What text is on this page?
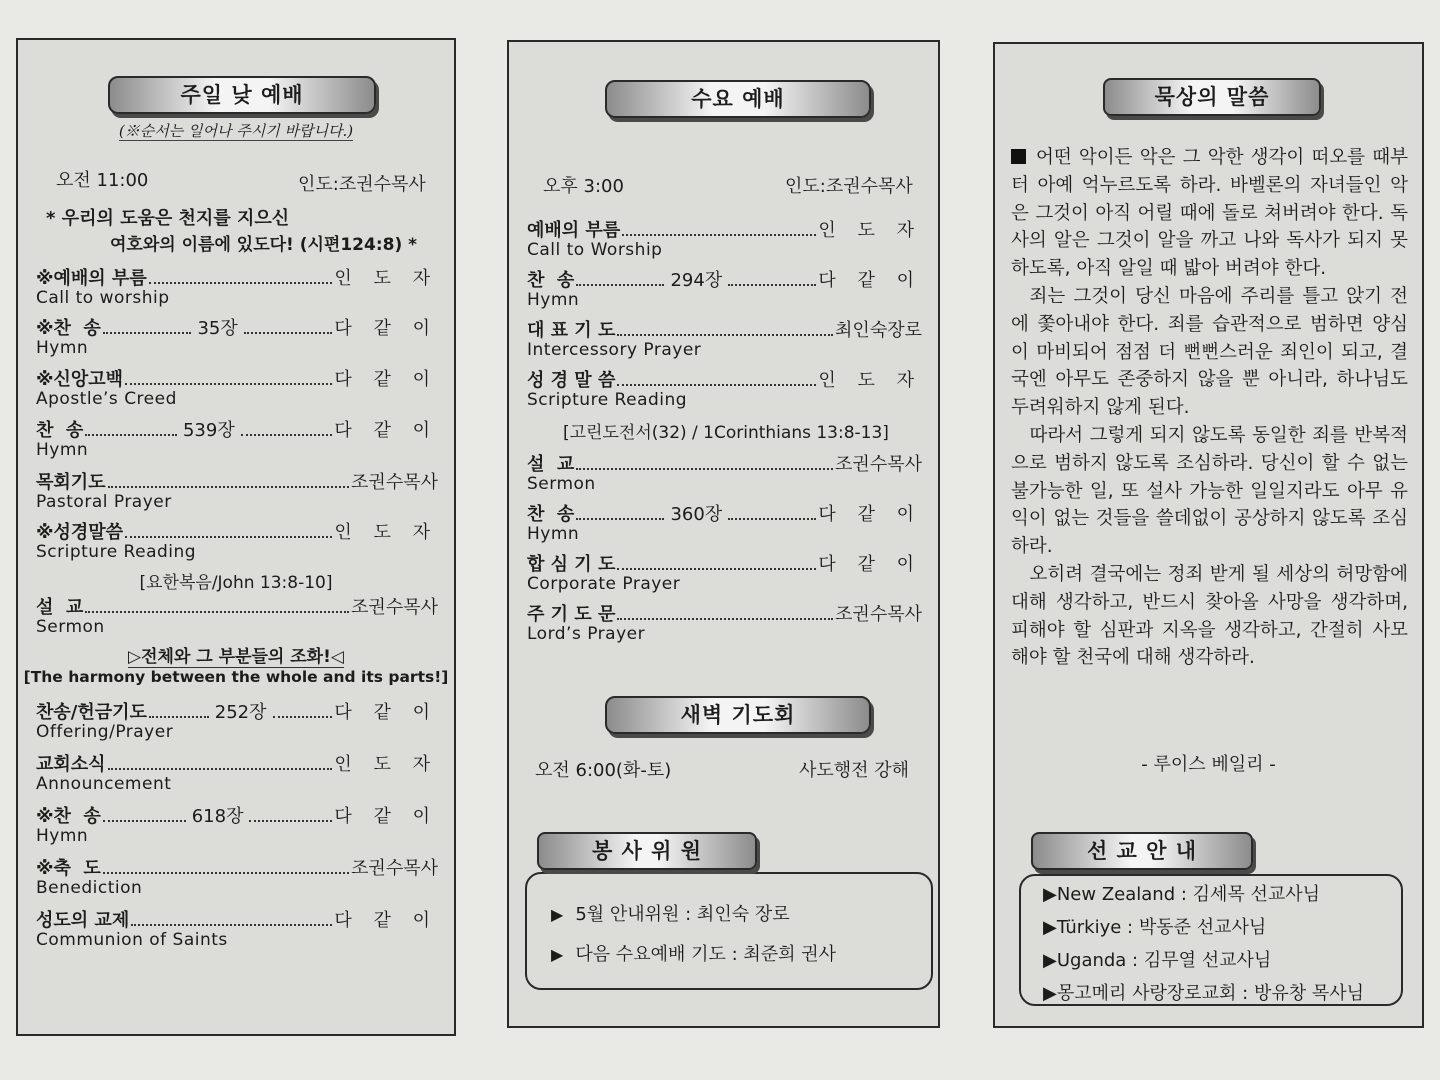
주일 낮 예배
(※순서는 일어나 주시기 바랍니다.)
오전 11:00	인도:조권수목사
* 우리의 도움은 천지를 지으신
여호와의 이름에 있도다! (시편124:8) *
※예배의 부름	인 도 자
Call to worship
※찬  송	35장	다 같 이
Hymn
※신앙고백	다 같 이
Apostle’s Creed
찬  송	539장	다 같 이
Hymn
목회기도	조권수목사
Pastoral Prayer
※성경말씀	인 도 자
Scripture Reading
설  교	조권수목사
Sermon
찬송/헌금기도	252장	다 같 이
Offering/Prayer
교회소식	인 도 자
Announcement
※찬  송	618장	다 같 이
Hymn
※축  도	조권수목사
Benediction
성도의 교제	다 같 이
Communion of Saints
[요한복음/John 13:8-10]
▷전체와 그 부분들의 조화!◁
[The harmony between the whole and its parts!]
수요 예배
오후 3:00	인도:조권수목사
예배의 부름	인 도 자
Call to Worship
찬  송	294장	다 같 이
Hymn
대 표 기 도	최인숙장로
Intercessory Prayer
성 경 말 씀	인 도 자
Scripture Reading
설  교	조권수목사
Sermon
찬  송	360장	다 같 이
Hymn
합 심 기 도	다 같 이
Corporate Prayer
주 기 도 문	조권수목사
Lord’s Prayer
[고린도전서(32) / 1Corinthians 13:8-13]
새벽 기도회
오전 6:00(화-토)	사도행전 강해
봉 사 위 원
▶ 5월 안내위원 : 최인숙 장로
▶ 다음 수요예배 기도 : 최준희 권사
묵상의 말씀

어떤 악이든 악은 그 악한 생각이 떠오를 때부터 아예 억누르도록 하라. 바벨론의 자녀들인 악은 그것이 아직 어릴 때에 돌로 쳐버려야 한다. 독사의 알은 그것이 알을 까고 나와 독사가 되지 못하도록, 아직 알일 때 밟아 버려야 한다.

죄는 그것이 당신 마음에 주리를 틀고 앉기 전에 쫓아내야 한다. 죄를 습관적으로 범하면 양심이 마비되어 점점 더 뻔뻔스러운 죄인이 되고, 결국엔 아무도 존중하지 않을 뿐 아니라, 하나님도 두려워하지 않게 된다.

따라서 그렇게 되지 않도록 동일한 죄를 반복적으로 범하지 않도록 조심하라. 당신이 할 수 없는 불가능한 일, 또 설사 가능한 일일지라도 아무 유익이 없는 것들을 쓸데없이 공상하지 않도록 조심하라.

오히려 결국에는 정죄 받게 될 세상의 허망함에 대해 생각하고, 반드시 찾아올 사망을 생각하며, 피해야 할 심판과 지옥을 생각하고, 간절히 사모해야 할 천국에 대해 생각하라.

- 루이스 베일리 -
선 교 안 내
▶New Zealand : 김세목 선교사님
▶Türkiye : 박동준 선교사님
▶Uganda : 김무열 선교사님
▶몽고메리 사랑장로교회 : 방유창 목사님
